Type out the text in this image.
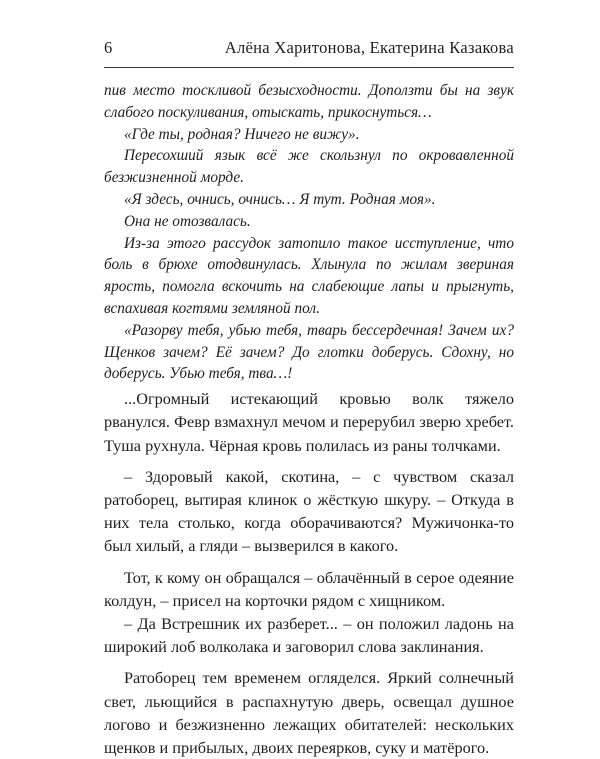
6	Алёна Харитонова, Екатерина Казакова

пив место тоскливой безысходности. Доползти бы на звук слабого поскуливания, отыскать, прикоснуться…

«Где ты, родная? Ничего не вижу».

Пересохший язык всё же скользнул по окровавленной безжизненной морде.

«Я здесь, очнись, очнись… Я тут. Родная моя».

Она не отозвалась.

Из-за этого рассудок затопило такое исступление, что боль в брюхе отодвинулась. Хлынула по жилам звериная ярость, помогла вскочить на слабеющие лапы и прыгнуть, вспахивая когтями земляной пол.

«Разорву тебя, убью тебя, тварь бессердечная! Зачем их? Щенков зачем? Её зачем? До глотки доберусь. Сдохну, но доберусь. Убью тебя, тва…!

...Огромный истекающий кровью волк тяжело рванулся. Февр взмахнул мечом и перерубил зверю хребет. Туша рухнула. Чёрная кровь полилась из раны толчками.

– Здоровый какой, скотина, – с чувством сказал ратоборец, вытирая клинок о жёсткую шкуру. – Откуда в них тела столько, когда оборачиваются? Мужичонка-то был хилый, а гляди – вызверился в какого.

Тот, к кому он обращался – облачённый в серое одеяние колдун, – присел на корточки рядом с хищником.

– Да Встрешник их разберет... – он положил ладонь на широкий лоб волколака и заговорил слова заклинания.

Ратоборец тем временем огляделся. Яркий солнечный свет, льющийся в распахнутую дверь, освещал душное логово и безжизненно лежащих обитателей: нескольких щенков и прибылых, двоих переярков, суку и матёрого.
